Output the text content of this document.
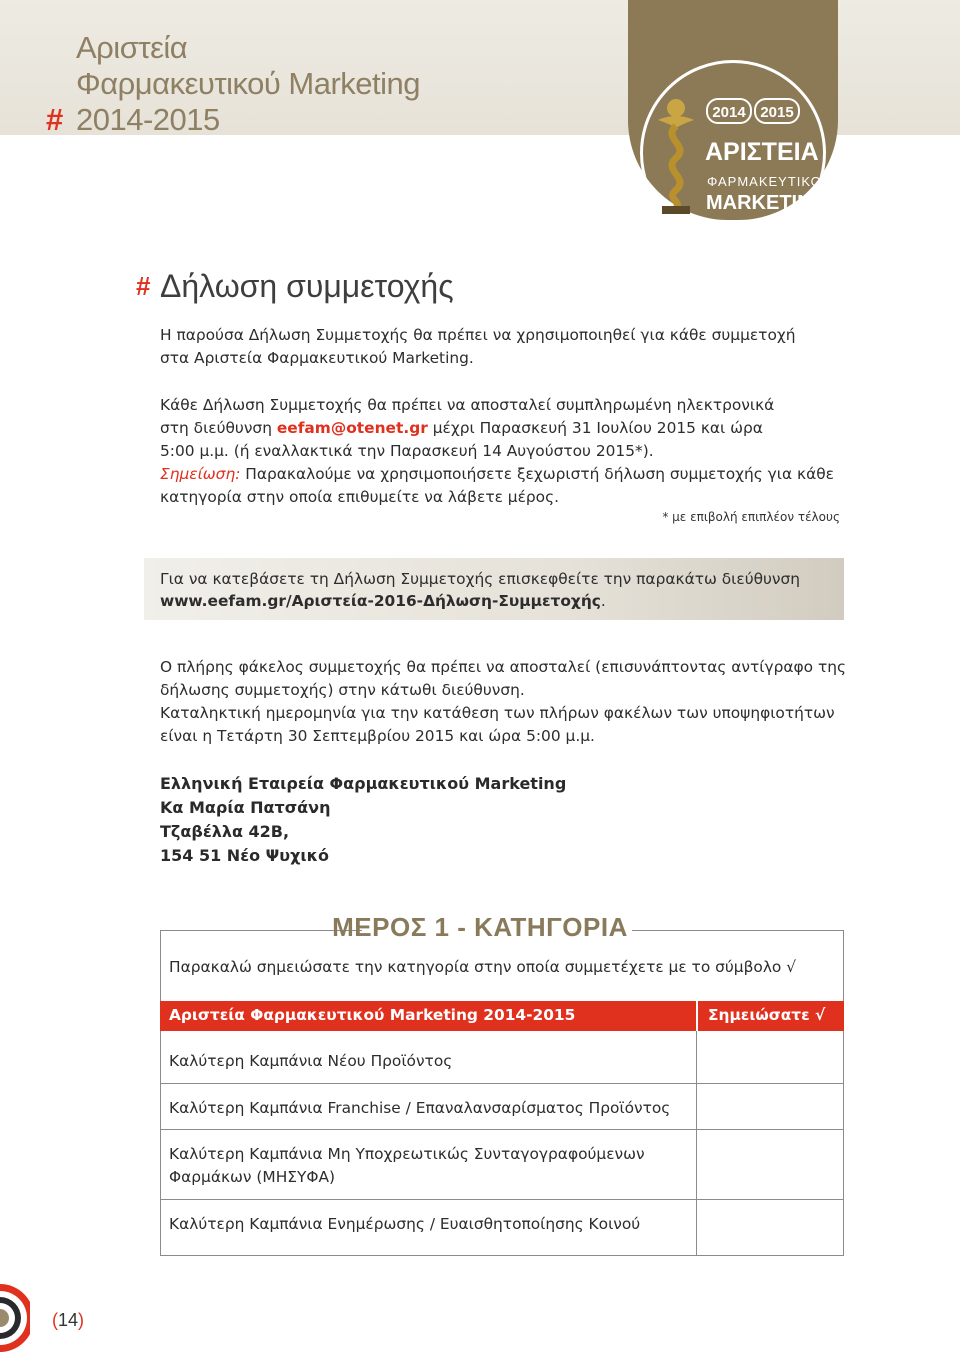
Αριστεία
Φαρμακευτικού Marketing
# 2014-2015	2014 2015
ΑΡΙΣΤΕΙΑ
ΦΑΡΜΑΚΕΥΤΙΚΟΥ
MARKETING
# Δήλωση συμμετοχής
Η παρούσα Δήλωση Συμμετοχής θα πρέπει να χρησιμοποιηθεί για κάθε συμμετοχή
στα Αριστεία Φαρμακευτικού Marketing.
Κάθε Δήλωση Συμμετοχής θα πρέπει να αποσταλεί συμπληρωμένη ηλεκτρονικά
στη διεύθυνση eefam@otenet.gr μέχρι Παρασκευή 31 Ιουλίου 2015 και ώρα
5:00 μ.μ. (ή εναλλακτικά την Παρασκευή 14 Αυγούστου 2015*).
Σημείωση: Παρακαλούμε να χρησιμοποιήσετε ξεχωριστή δήλωση συμμετοχής για κάθε
κατηγορία στην οποία επιθυμείτε να λάβετε μέρος.
* με επιβολή επιπλέον τέλους
Για να κατεβάσετε τη Δήλωση Συμμετοχής επισκεφθείτε την παρακάτω διεύθυνση
www.eefam.gr/Αριστεία-2016-Δήλωση-Συμμετοχής.
Ο πλήρης φάκελος συμμετοχής θα πρέπει να αποσταλεί (επισυνάπτοντας αντίγραφο της
δήλωσης συμμετοχής) στην κάτωθι διεύθυνση.
Καταληκτική ημερομηνία για την κατάθεση των πλήρων φακέλων των υποψηφιοτήτων
είναι η Τετάρτη 30 Σεπτεμβρίου 2015 και ώρα 5:00 μ.μ.
Ελληνική Εταιρεία Φαρμακευτικού Marketing
Κα Μαρία Πατσάνη
Τζαβέλλα 42Β,
154 51 Νέο Ψυχικό
ΜΕΡΟΣ 1 - ΚΑΤΗΓΟΡΙΑ
Παρακαλώ σημειώσατε την κατηγορία στην οποία συμμετέχετε με το σύμβολο √
Αριστεία Φαρμακευτικού Marketing 2014-2015	Σημειώσατε √
Καλύτερη Καμπάνια Νέου Προϊόντος
Καλύτερη Καμπάνια Franchise / Επαναλανσαρίσματος Προϊόντος
Καλύτερη Καμπάνια Μη Υποχρεωτικώς Συνταγογραφούμενων
Φαρμάκων (ΜΗΣΥΦΑ)
Καλύτερη Καμπάνια Ενημέρωσης / Ευαισθητοποίησης Κοινού
(14)
